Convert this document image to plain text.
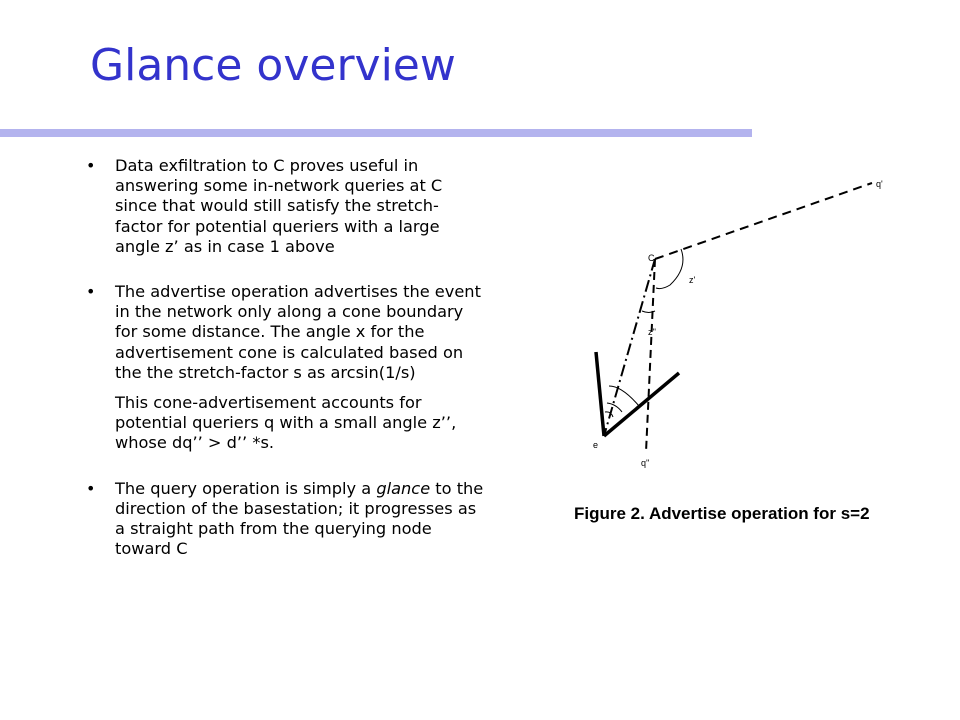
Glance overview
• Data exfiltration to C proves useful in answering some in-network queries at C since that would still satisfy the stretch-factor for potential queriers with a large angle z’ as in case 1 above

• The advertise operation advertises the event in the network only along a cone boundary for some distance. The angle x for the advertisement cone is calculated based on the the stretch-factor s as arcsin(1/s)

This cone-advertisement accounts for potential queriers q with a small angle z’’, whose dq’’ > d’’ *s.

• The query operation is simply a glance to the direction of the basestation; it progresses as a straight path from the querying node toward C

q'
C
z'
z''
e
q''
Figure 2. Advertise operation for s=2
